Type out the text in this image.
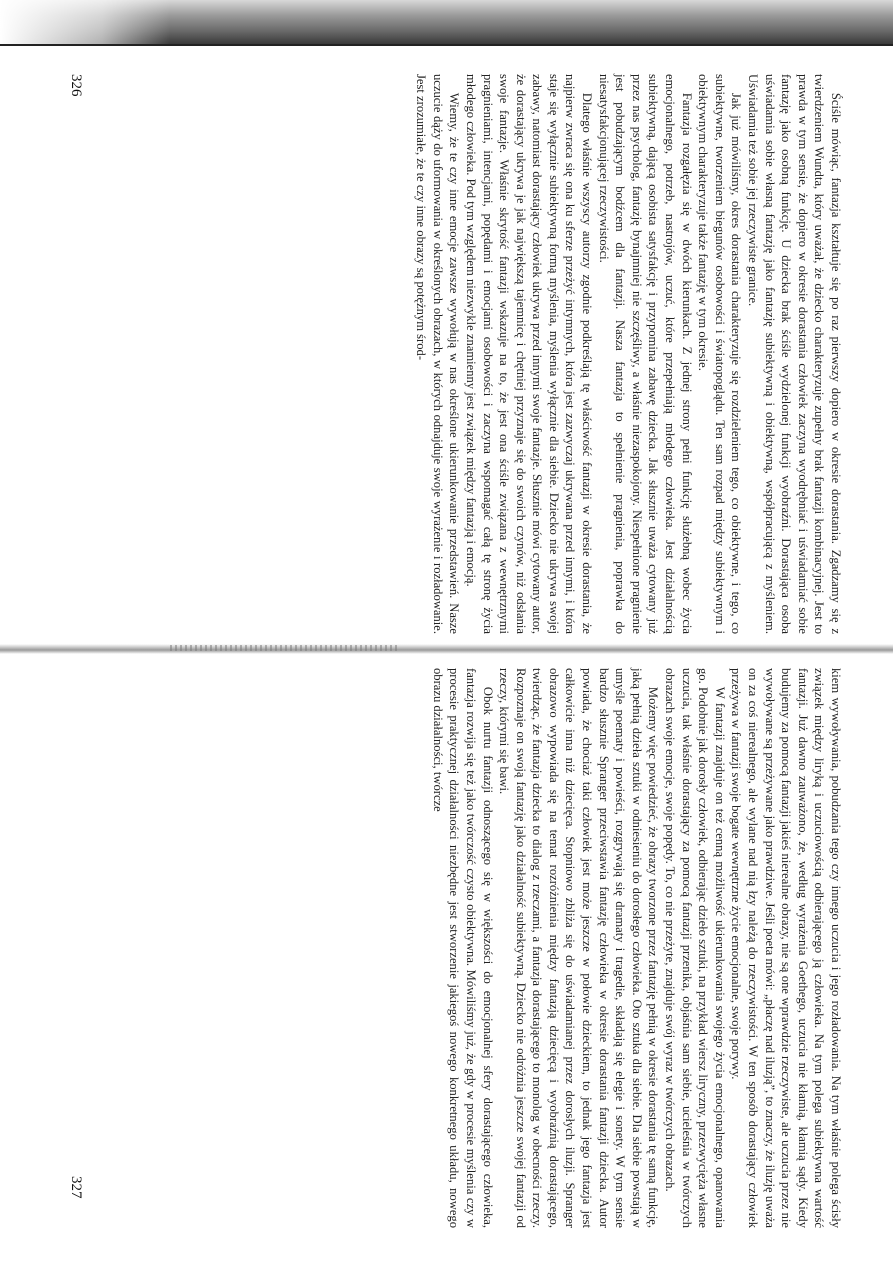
Ściśle mówiąc, fantazja kształtuje się po raz pierwszy dopiero w okresie dorastania. Zgadzamy się z twierdzeniem Wundta, który uważał, że dziecko charakteryzuje zupełny brak fantazji kombinacyjnej. Jest to prawda w tym sensie, że dopiero w okresie dorastania człowiek zaczyna wyodrębniać i uświadamiać sobie fantazję jako osobną funkcję. U dziecka brak ściśle wydzielonej funkcji wyobraźni. Dorastająca osoba uświadamia sobie własną fantazję jako fantazję subiektywną i obiektywną, współpracującą z myśleniem. Uświadamia też sobie jej rzeczywiste granice.

Jak już mówiliśmy, okres dorastania charakteryzuje się rozdzieleniem tego, co obiektywne, i tego, co subiektywne, tworzeniem biegunów osobowości i światopoglądu. Ten sam rozpad między subiektywnym i obiektywnym charakteryzuje także fantazję w tym okresie.

Fantazja rozgałęzia się w dwóch kierunkach. Z jednej strony pełni funkcję służebną wobec życia emocjonalnego, potrzeb, nastrojów, uczuć, które przepełniają młodego człowieka. Jest działalnością subiektywną, dającą osobista satysfakcję i przypomina zabawę dziecka. Jak słusznie uważa cytowany już przez nas psycholog, fantazję bynajmniej nie szczęśliwy, a właśnie niezaspokojony. Niespełnione pragnienie jest pobudzającym bodźcem dla fantazji. Nasza fantazja to spełnienie pragnienia, poprawka do niesatysfakcjonującej rzeczywistości.

Dlatego właśnie wszyscy autorzy zgodnie podkreślają tę właściwość fantazji w okresie dorastania, że najpierw zwraca się ona ku sferze przeżyć intymnych, która jest zazwyczaj ukrywana przed innymi, i która staje się wyłącznie subiektywną formą myślenia, myślenia wyłącznie dla siebie. Dziecko nie ukrywa swojej zabawy, natomiast dorastający człowiek ukrywa przed innymi swoje fantazje. Słusznie mówi cytowany autor, że dorastający ukrywa je jak największą tajemnicę i chętniej przyznaje się do swoich czynów, niż odsłania swoje fantazje. Właśnie skrytość fantazji wskazuje na to, że jest ona ściśle związana z wewnętrznymi pragnieniami, intencjami, popędami i emocjami osobowości i zaczyna wspomagać całą tę stronę życia młodego człowieka. Pod tym względem niezwykle znamienny jest związek między fantazją i emocją.

Wiemy, że te czy inne emocje zawsze wywołują w nas określone ukierunkowanie przedstawień. Nasze uczucie dąży do uformowania w określonych obrazach, w których odnajduje swoje wyrażenie i rozładowanie. Jest zrozumiałe, że te czy inne obrazy są potężnym środ-

326

kiem wywoływania, pobudzania tego czy innego uczucia i jego rozładowania. Na tym właśnie polega ścisły związek między liryką i uczuciowością odbierającego ją człowieka. Na tym polega subiektywna wartość fantazji. Już dawno zauważono, że, według wyrażenia Goethego, uczucia nie kłamią, kłamią sądy. Kiedy budujemy za pomocą fantazji jakieś nierealne obrazy, nie są one wprawdzie rzeczywiste, ale uczucia przez nie wywoływane są przeżywane jako prawdziwe. Jeśli poeta mówi: „płaczę nad iluzją”, to znaczy, że iluzję uważa on za coś nierealnego, ale wylane nad nią łzy należą do rzeczywistości. W ten sposób dorastający człowiek przeżywa w fantazji swoje bogate wewnętrzne życie emocjonalne, swoje porywy.

W fantazji znajduje on też cenną możliwość ukierunkowania swojego życia emocjonalnego, opanowania go. Podobnie jak dorosły człowiek, odbierając dzieło sztuki, na przykład wiersz liryczny, przezwycięża własne uczucia, tak właśnie dorastający za pomocą fantazji przenika, objaśnia sam siebie, ucieleśnia w twórczych obrazach swoje emocje, swoje popędy. To, co nie przeżyte, znajduje swój wyraz w twórczych obrazach.

Możemy więc powiedzieć, że obrazy tworzone przez fantazję pełnią w okresie dorastania tę samą funkcję, jaką pełnią dzieła sztuki w odniesieniu do dorosłego człowieka. Oto sztuka dla siebie. Dla siebie powstają w umyśle poematy i powieści, rozgrywają się dramaty i tragedie, składają się elegie i sonety. W tym sensie bardzo słusznie Spranger przeciwstawia fantazję człowieka w okresie dorastania fantazji dziecka. Autor powiada, że chociaż taki człowiek jest może jeszcze w połowie dzieckiem, to jednak jego fantazja jest całkowicie inna niż dziecięca. Stopniowo zbliża się do uświadamianej przez dorosłych iluzji. Spranger obrazowo wypowiada się na temat rozróżnienia między fantazją dziecięcą i wyobraźnią dorastającego, twierdząc, że fantazja dziecka to dialog z rzeczami, a fantazja dorastającego to monolog w obecności rzeczy. Rozpoznaje on swoją fantazję jako działalność subiektywną. Dziecko nie odróżnia jeszcze swojej fantazji od rzeczy, którymi się bawi.

Obok nurtu fantazji odnoszącego się w większości do emocjonalnej sfery dorastającego człowieka, fantazja rozwija się też jako twórczość czysto obiektywna. Mówiliśmy już, że gdy w procesie myślenia czy w procesie praktycznej działalności niezbędne jest stworzenie jakiegoś nowego konkretnego układu, nowego obrazu działalności, twórcze

327
